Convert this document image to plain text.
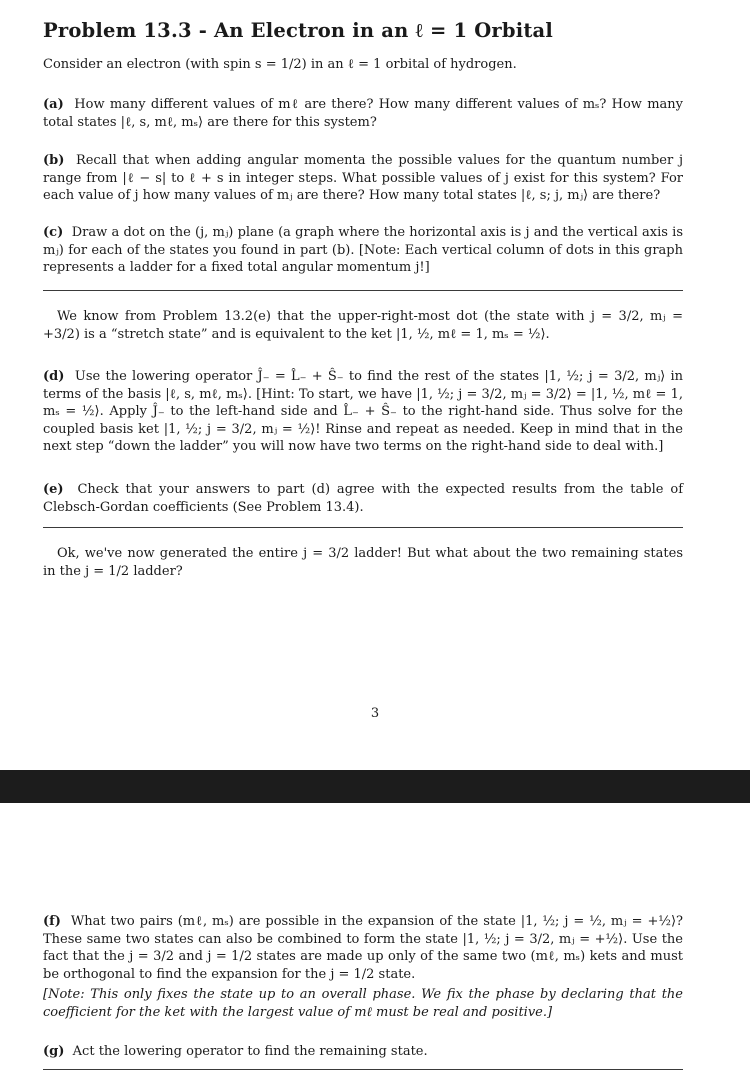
Problem 13.3 - An Electron in an ℓ = 1 Orbital

Consider an electron (with spin s = 1/2) in an ℓ = 1 orbital of hydrogen.

(a) How many different values of mℓ are there? How many different values of mₛ? How many total states |ℓ, s, mℓ, mₛ⟩ are there for this system?

(b) Recall that when adding angular momenta the possible values for the quantum number j range from |ℓ − s| to ℓ + s in integer steps. What possible values of j exist for this system? For each value of j how many values of mⱼ are there? How many total states |ℓ, s; j, mⱼ⟩ are there?

(c) Draw a dot on the (j, mⱼ) plane (a graph where the horizontal axis is j and the vertical axis is mⱼ) for each of the states you found in part (b). [Note: Each vertical column of dots in this graph represents a ladder for a fixed total angular momentum j!]

We know from Problem 13.2(e) that the upper-right-most dot (the state with j = 3/2, mⱼ = +3/2) is a “stretch state” and is equivalent to the ket |1, ½, mℓ = 1, mₛ = ½⟩.

(d) Use the lowering operator Ĵ₋ = L̂₋ + Ŝ₋ to find the rest of the states |1, ½; j = 3/2, mⱼ⟩ in terms of the basis |ℓ, s, mℓ, mₛ⟩. [Hint: To start, we have |1, ½; j = 3/2, mⱼ = 3/2⟩ = |1, ½, mℓ = 1, mₛ = ½⟩. Apply Ĵ₋ to the left-hand side and L̂₋ + Ŝ₋ to the right-hand side. Thus solve for the coupled basis ket |1, ½; j = 3/2, mⱼ = ½⟩! Rinse and repeat as needed. Keep in mind that in the next step “down the ladder” you will now have two terms on the right-hand side to deal with.]

(e) Check that your answers to part (d) agree with the expected results from the table of Clebsch-Gordan coefficients (See Problem 13.4).

Ok, we've now generated the entire j = 3/2 ladder! But what about the two remaining states in the j = 1/2 ladder?

3

(f) What two pairs (mℓ, mₛ) are possible in the expansion of the state |1, ½; j = ½, mⱼ = +½⟩? These same two states can also be combined to form the state |1, ½; j = 3/2, mⱼ = +½⟩. Use the fact that the j = 3/2 and j = 1/2 states are made up only of the same two (mℓ, mₛ) kets and must be orthogonal to find the expansion for the j = 1/2 state.

[Note: This only fixes the state up to an overall phase. We fix the phase by declaring that the coefficient for the ket with the largest value of mℓ must be real and positive.]

(g) Act the lowering operator to find the remaining state.
